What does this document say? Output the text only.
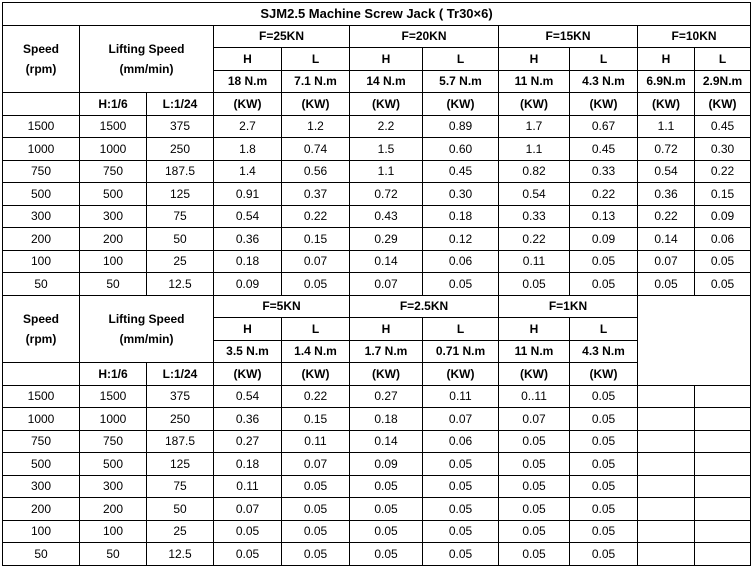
SJM2.5 Machine Screw Jack ( Tr30×6)										
Speed
(rpm)	Lifting Speed
(mm/min)		F=25KN		F=20KN		F=15KN		F=10KN	
			H	L	H	L	H	L	H	L
			18 N.m	7.1 N.m	14 N.m	5.7 N.m	11 N.m	4.3 N.m	6.9N.m	2.9N.m
	H:1/6	L:1/24	(KW)	(KW)	(KW)	(KW)	(KW)	(KW)	(KW)	(KW)
1500	1500	375	2.7	1.2	2.2	0.89	1.7	0.67	1.1	0.45
1000	1000	250	1.8	0.74	1.5	0.60	1.1	0.45	0.72	0.30
750	750	187.5	1.4	0.56	1.1	0.45	0.82	0.33	0.54	0.22
500	500	125	0.91	0.37	0.72	0.30	0.54	0.22	0.36	0.15
300	300	75	0.54	0.22	0.43	0.18	0.33	0.13	0.22	0.09
200	200	50	0.36	0.15	0.29	0.12	0.22	0.09	0.14	0.06
100	100	25	0.18	0.07	0.14	0.06	0.11	0.05	0.07	0.05
50	50	12.5	0.09	0.05	0.07	0.05	0.05	0.05	0.05	0.05
Speed
(rpm)	Lifting Speed
(mm/min)		F=5KN		F=2.5KN		F=1KN			
			H	L	H	L	H	L		
			3.5 N.m	1.4 N.m	1.7 N.m	0.71 N.m	11 N.m	4.3 N.m		
	H:1/6	L:1/24	(KW)	(KW)	(KW)	(KW)	(KW)	(KW)		
1500	1500	375	0.54	0.22	0.27	0.11	0..11	0.05		
1000	1000	250	0.36	0.15	0.18	0.07	0.07	0.05		
750	750	187.5	0.27	0.11	0.14	0.06	0.05	0.05		
500	500	125	0.18	0.07	0.09	0.05	0.05	0.05		
300	300	75	0.11	0.05	0.05	0.05	0.05	0.05		
200	200	50	0.07	0.05	0.05	0.05	0.05	0.05		
100	100	25	0.05	0.05	0.05	0.05	0.05	0.05		
50	50	12.5	0.05	0.05	0.05	0.05	0.05	0.05		
